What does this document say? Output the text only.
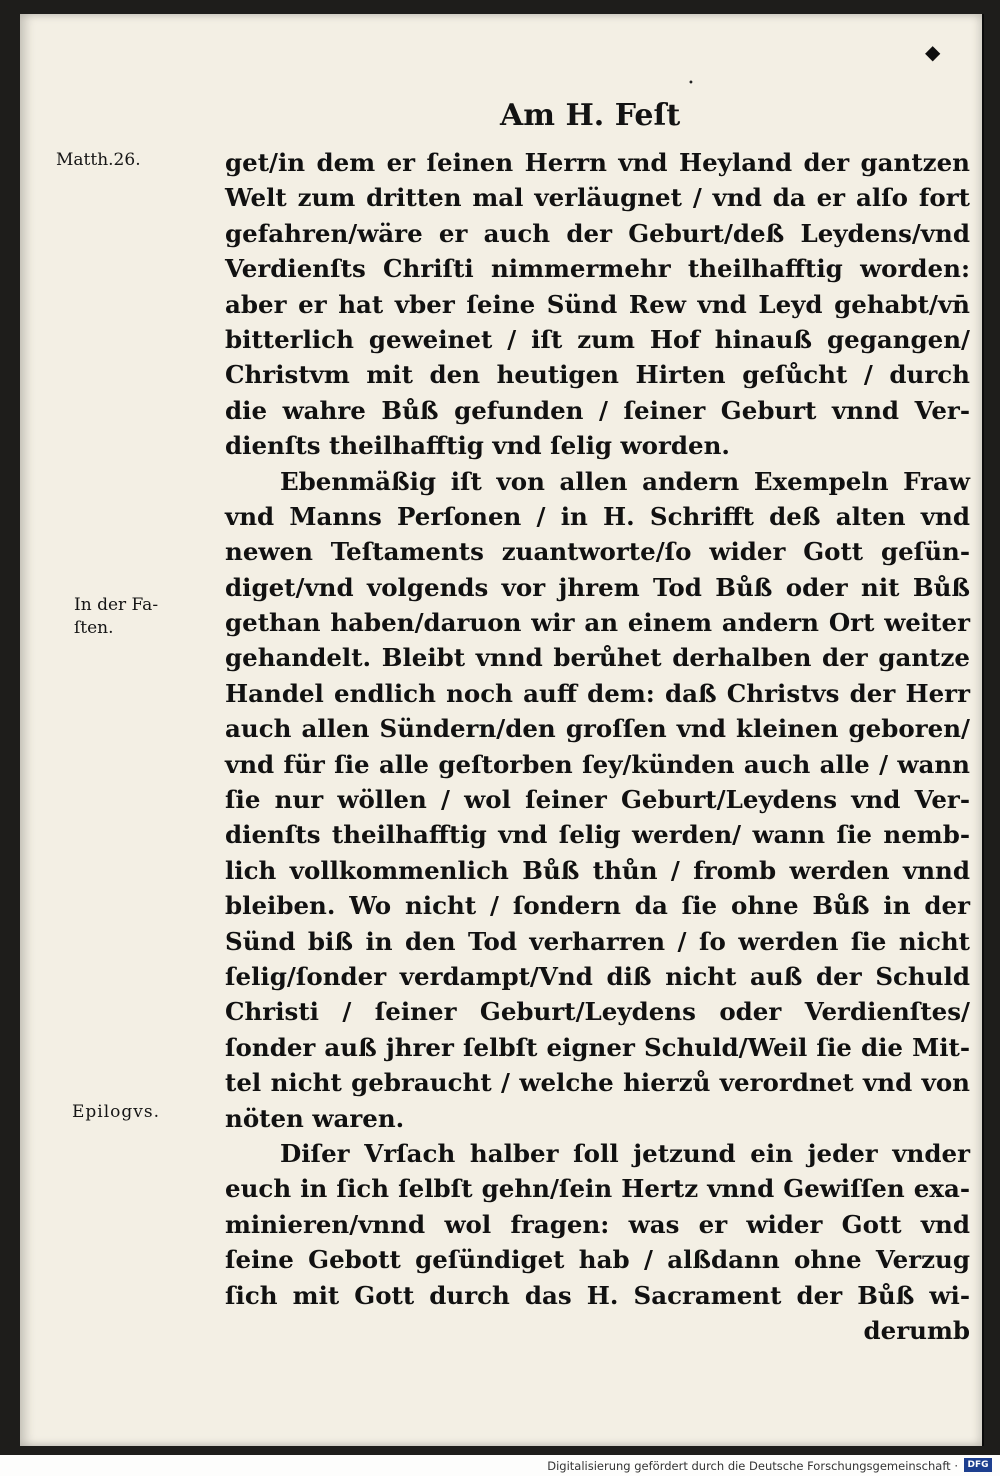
◆
•
Am H. Feſt
Matth.26.
In der Fa-
ſten.
Epilogvs.
get/in dem er ſeinen Herrn vnd Heyland der gantzen
Welt zum dritten mal verläugnet / vnd da er alſo fort
gefahren/wäre er auch der Geburt/deß Leydens/vnd
Verdienſts Chriſti nimmermehr theilhafftig worden:
aber er hat vber ſeine Sünd Rew vnd Leyd gehabt/vn̄
bitterlich geweinet / iſt zum Hof hinauß gegangen/
Christvm mit den heutigen Hirten geſůcht / durch
die wahre Bůß gefunden / ſeiner Geburt vnnd Ver-
dienſts theilhafftig vnd ſelig worden.
Ebenmäßig iſt von allen andern Exempeln Fraw
vnd Manns Perſonen / in H. Schrifft deß alten vnd
newen Teſtaments zuantworte/ſo wider Gott geſün-
diget/vnd volgends vor jhrem Tod Bůß oder nit Bůß
gethan haben/daruon wir an einem andern Ort weiter
gehandelt. Bleibt vnnd berůhet derhalben der gantze
Handel endlich noch auff dem: daß Christvs der Herr
auch allen Sündern/den groſſen vnd kleinen geboren/
vnd für ſie alle geſtorben ſey/künden auch alle / wann
ſie nur wöllen / wol ſeiner Geburt/Leydens vnd Ver-
dienſts theilhafftig vnd ſelig werden/ wann ſie nemb-
lich vollkommenlich Bůß thůn / fromb werden vnnd
bleiben. Wo nicht / ſondern da ſie ohne Bůß in der
Sünd biß in den Tod verharren / ſo werden ſie nicht
ſelig/ſonder verdampt/Vnd diß nicht auß der Schuld
Christi / ſeiner Geburt/Leydens oder Verdienſtes/
ſonder auß jhrer ſelbſt eigner Schuld/Weil ſie die Mit-
tel nicht gebraucht / welche hierzů verordnet vnd von
nöten waren.
Diſer Vrſach halber ſoll jetzund ein jeder vnder
euch in ſich ſelbſt gehn/ſein Hertz vnnd Gewiſſen exa-
minieren/vnnd wol fragen: was er wider Gott vnd
ſeine Gebott geſündiget hab / alßdann ohne Verzug
ſich mit Gott durch das H. Sacrament der Bůß wi-
derumb
Digitalisierung gefördert durch die Deutsche Forschungsgemeinschaft ·	DFG
